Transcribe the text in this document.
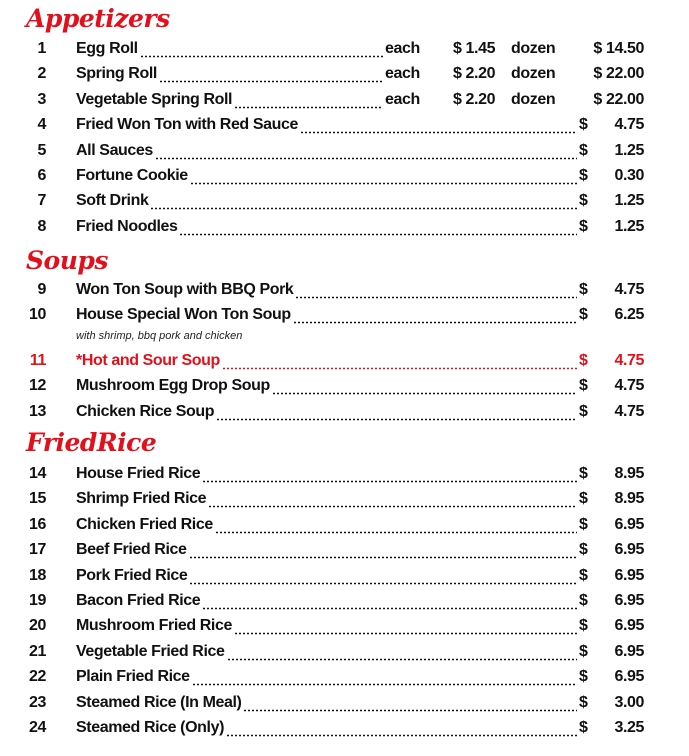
Appetizers
1 Egg Roll	each	$ 1.45 dozen	$ 14.50
2 Spring Roll	each	$ 2.20 dozen	$ 22.00
3 Vegetable Spring Roll	each	$ 2.20 dozen	$ 22.00
4 Fried Won Ton with Red Sauce	$	4.75
5 All Sauces	$	1.25
6 Fortune Cookie	$	0.30
7 Soft Drink	$	1.25
8 Fried Noodles	$	1.25
Soups
9 Won Ton Soup with BBQ Pork	$	4.75
10 House Special Won Ton Soup	$	6.25
with shrimp, bbq pork and chicken
11 *Hot and Sour Soup	$	4.75
12 Mushroom Egg Drop Soup	$	4.75
13 Chicken Rice Soup	$	4.75
FriedRice
14 House Fried Rice	$	8.95
15 Shrimp Fried Rice	$	8.95
16 Chicken Fried Rice	$	6.95
17 Beef Fried Rice	$	6.95
18 Pork Fried Rice	$	6.95
19 Bacon Fried Rice	$	6.95
20 Mushroom Fried Rice	$	6.95
21 Vegetable Fried Rice	$	6.95
22 Plain Fried Rice	$	6.95
23 Steamed Rice (In Meal)	$	3.00
24 Steamed Rice (Only)	$	3.25
